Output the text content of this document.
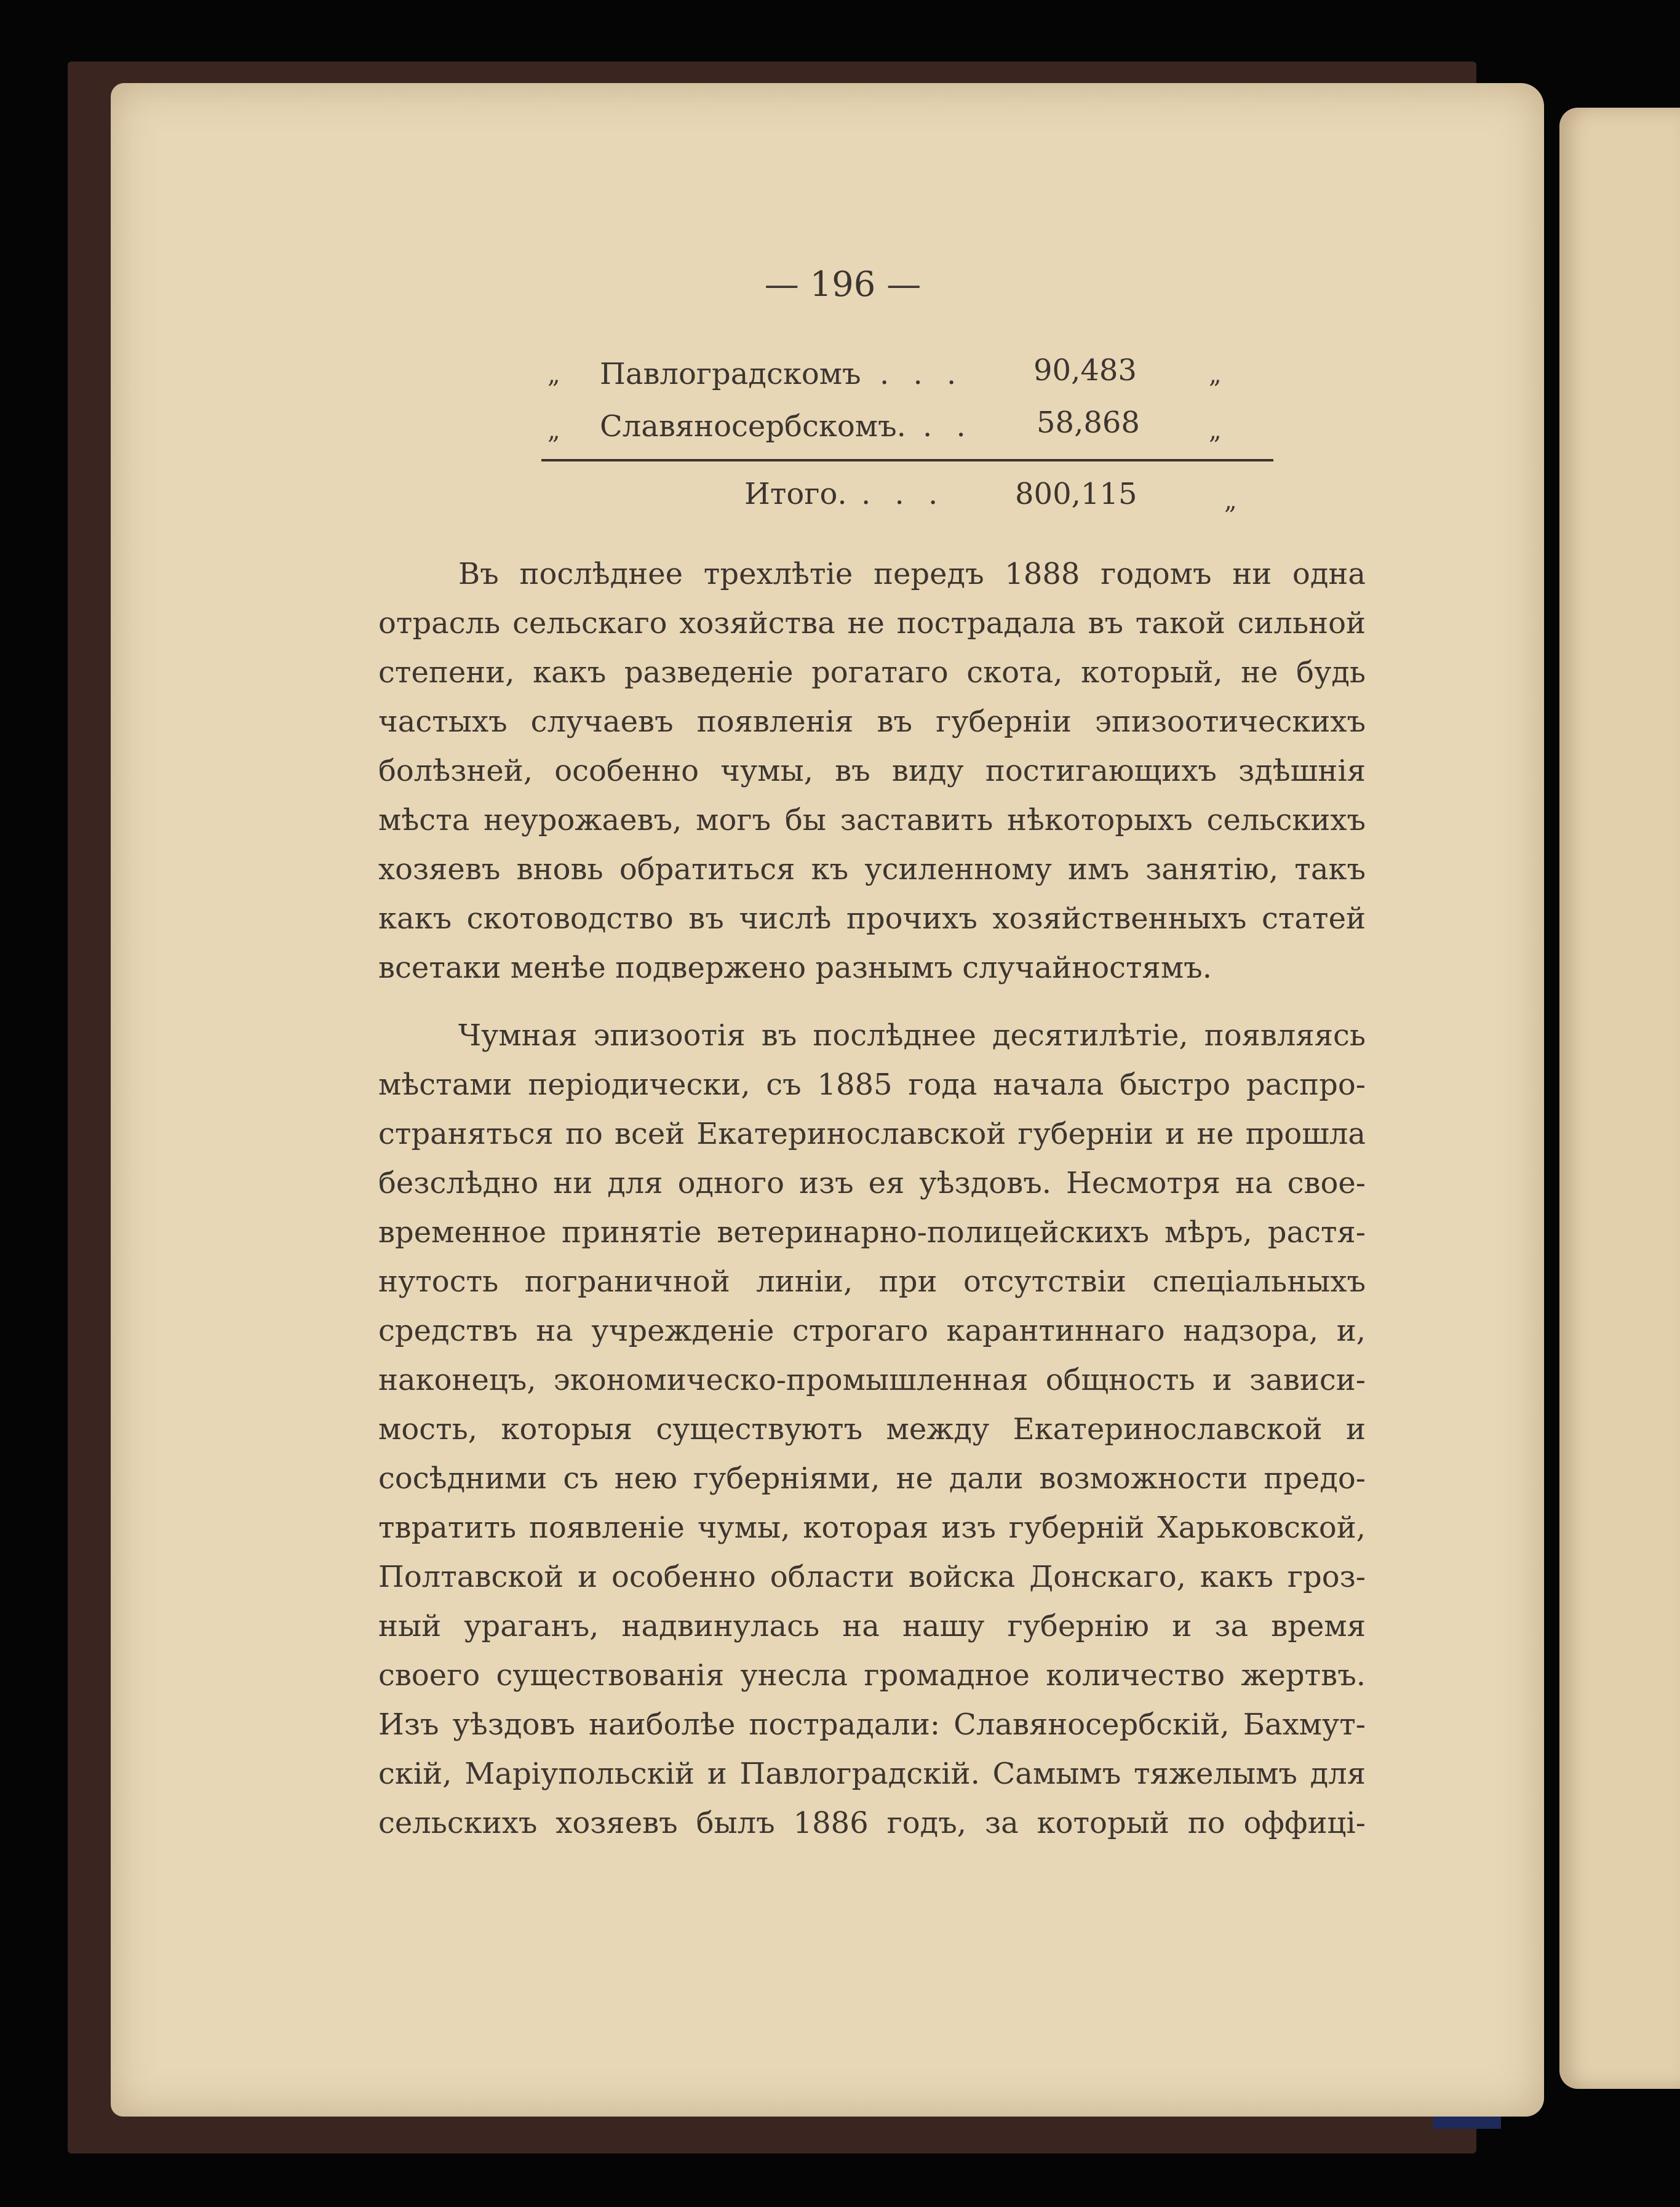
— 196 —
„ Павлоградскомъ . . . 90,483	„
„ Славяносербскомъ. . . 58,868	„
Итого. . . . 800,115	„
Въ послѣднее трехлѣтіе передъ 1888 годомъ ни одна
отрасль сельскаго хозяйства не пострадала въ такой сильной
степени, какъ разведеніе рогатаго скота, который, не будь
частыхъ случаевъ появленія въ губерніи эпизоотическихъ
болѣзней, особенно чумы, въ виду постигающихъ здѣшнія
мѣста неурожаевъ, могъ бы заставить нѣкоторыхъ сельскихъ
хозяевъ вновь обратиться къ усиленному имъ занятію, такъ
какъ скотоводство въ числѣ прочихъ хозяйственныхъ статей
всетаки менѣе подвержено разнымъ случайностямъ.
Чумная эпизоотія въ послѣднее десятилѣтіе, появляясь
мѣстами періодически, съ 1885 года начала быстро распро-
страняться по всей Екатеринославской губерніи и не прошла
безслѣдно ни для одного изъ ея уѣздовъ. Несмотря на свое-
временное принятіе ветеринарно-полицейскихъ мѣръ, растя-
нутость пограничной линіи, при отсутствіи спеціальныхъ
средствъ на учрежденіе строгаго карантиннаго надзора, и,
наконецъ, экономическо-промышленная общность и зависи-
мость, которыя существуютъ между Екатеринославской и
сосѣдними съ нею губерніями, не дали возможности предо-
твратить появленіе чумы, которая изъ губерній Харьковской,
Полтавской и особенно области войска Донскаго, какъ гроз-
ный ураганъ, надвинулась на нашу губернію и за время
своего существованія унесла громадное количество жертвъ.
Изъ уѣздовъ наиболѣе пострадали: Славяносербскій, Бахмут-
скій, Маріупольскій и Павлоградскій. Самымъ тяжелымъ для
сельскихъ хозяевъ былъ 1886 годъ, за который по оффиці-
